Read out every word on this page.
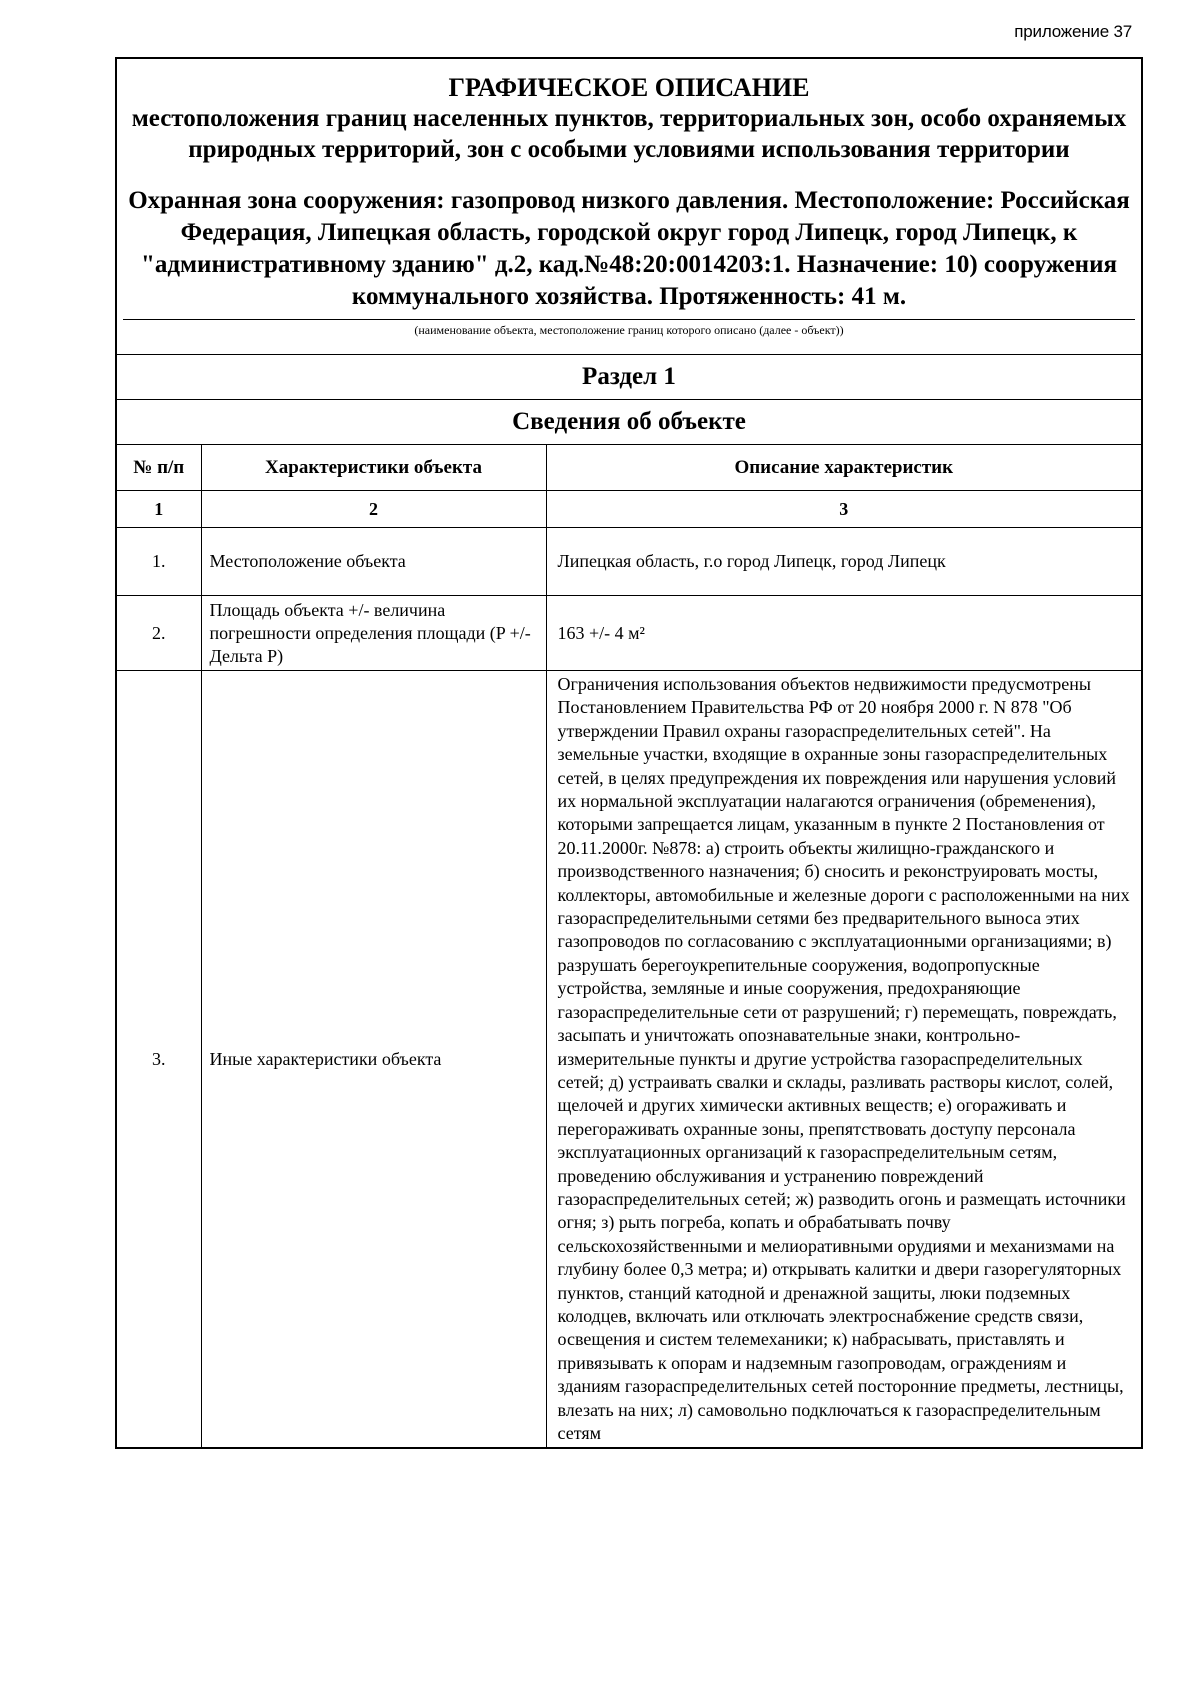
приложение 37
ГРАФИЧЕСКОЕ ОПИСАНИЕ
местоположения границ населенных пунктов, территориальных зон, особо охраняемых природных территорий, зон с особыми условиями использования территории
Охранная зона сооружения: газопровод низкого давления. Местоположение: Российская Федерация, Липецкая область, городской округ город Липецк, город Липецк, к "административному зданию" д.2, кад.№48:20:0014203:1. Назначение: 10) сооружения коммунального хозяйства. Протяженность: 41 м.
(наименование объекта, местоположение границ которого описано (далее - объект))
Раздел 1
Сведения об объекте
№ п/п	Характеристики объекта	Описание характеристик
1	2	3
1.	Местоположение объекта	Липецкая область, г.о город Липецк, город Липецк
2.	Площадь объекта +/- величина погрешности определения площади (P +/- Дельта P)	163 +/- 4 м²
3.	Иные характеристики объекта	Ограничения использования объектов недвижимости предусмотрены Постановлением Правительства РФ от 20 ноября 2000 г. N 878 "Об утверждении Правил охраны газораспределительных сетей". На земельные участки, входящие в охранные зоны газораспределительных сетей, в целях предупреждения их повреждения или нарушения условий их нормальной эксплуатации налагаются ограничения (обременения), которыми запрещается лицам, указанным в пункте 2 Постановления от 20.11.2000г. №878: а) строить объекты жилищно-гражданского и производственного назначения; б) сносить и реконструировать мосты, коллекторы, автомобильные и железные дороги с расположенными на них газораспределительными сетями без предварительного выноса этих газопроводов по согласованию с эксплуатационными организациями; в) разрушать берегоукрепительные сооружения, водопропускные устройства, земляные и иные сооружения, предохраняющие газораспределительные сети от разрушений; г) перемещать, повреждать, засыпать и уничтожать опознавательные знаки, контрольно-измерительные пункты и другие устройства газораспределительных сетей; д) устраивать свалки и склады, разливать растворы кислот, солей, щелочей и других химически активных веществ; е) огораживать и перегораживать охранные зоны, препятствовать доступу персонала эксплуатационных организаций к газораспределительным сетям, проведению обслуживания и устранению повреждений газораспределительных сетей; ж) разводить огонь и размещать источники огня; з) рыть погреба, копать и обрабатывать почву сельскохозяйственными и мелиоративными орудиями и механизмами на глубину более 0,3 метра; и) открывать калитки и двери газорегуляторных пунктов, станций катодной и дренажной защиты, люки подземных колодцев, включать или отключать электроснабжение средств связи, освещения и систем телемеханики; к) набрасывать, приставлять и привязывать к опорам и надземным газопроводам, ограждениям и зданиям газораспределительных сетей посторонние предметы, лестницы, влезать на них; л) самовольно подключаться к газораспределительным сетям
